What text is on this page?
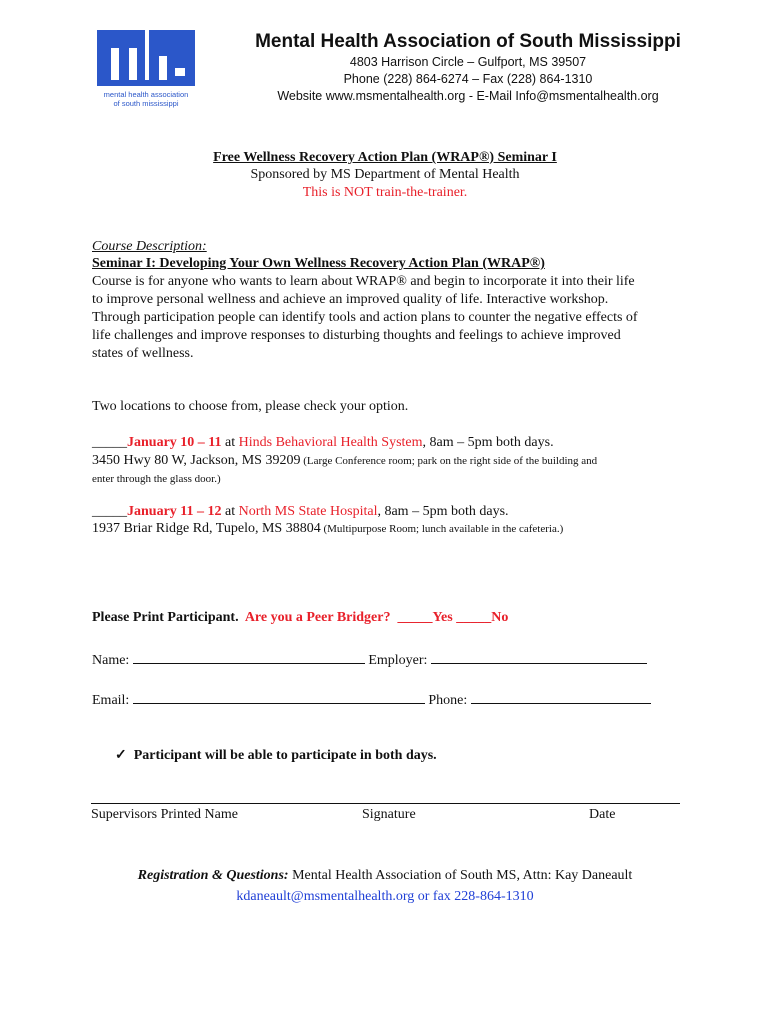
mental health association
of south mississippi
Mental Health Association of South Mississippi
4803 Harrison Circle – Gulfport, MS 39507
Phone (228) 864-6274 – Fax (228) 864-1310
Website www.msmentalhealth.org - E-Mail Info@msmentalhealth.org
Free Wellness Recovery Action Plan (WRAP®) Seminar I
Sponsored by MS Department of Mental Health
This is NOT train-the-trainer.
Course Description:
Seminar I: Developing Your Own Wellness Recovery Action Plan (WRAP®)
Course is for anyone who wants to learn about WRAP® and begin to incorporate it into their life
to improve personal wellness and achieve an improved quality of life. Interactive workshop.
Through participation people can identify tools and action plans to counter the negative effects of
life challenges and improve responses to disturbing thoughts and feelings to achieve improved
states of wellness.
Two locations to choose from, please check your option.
_____January 10 – 11 at Hinds Behavioral Health System, 8am – 5pm both days.
3450 Hwy 80 W, Jackson, MS 39209 (Large Conference room; park on the right side of the building and
enter through the glass door.)
_____January 11 – 12 at North MS State Hospital, 8am – 5pm both days.
1937 Briar Ridge Rd, Tupelo, MS 38804 (Multipurpose Room; lunch available in the cafeteria.)
Please Print Participant. Are you a Peer Bridger? _____Yes _____No
Name:	Employer:
Email:	Phone:
✓ Participant will be able to participate in both days.
Supervisors Printed Name	Signature	Date
Registration & Questions: Mental Health Association of South MS, Attn: Kay Daneault
kdaneault@msmentalhealth.org or fax 228-864-1310
